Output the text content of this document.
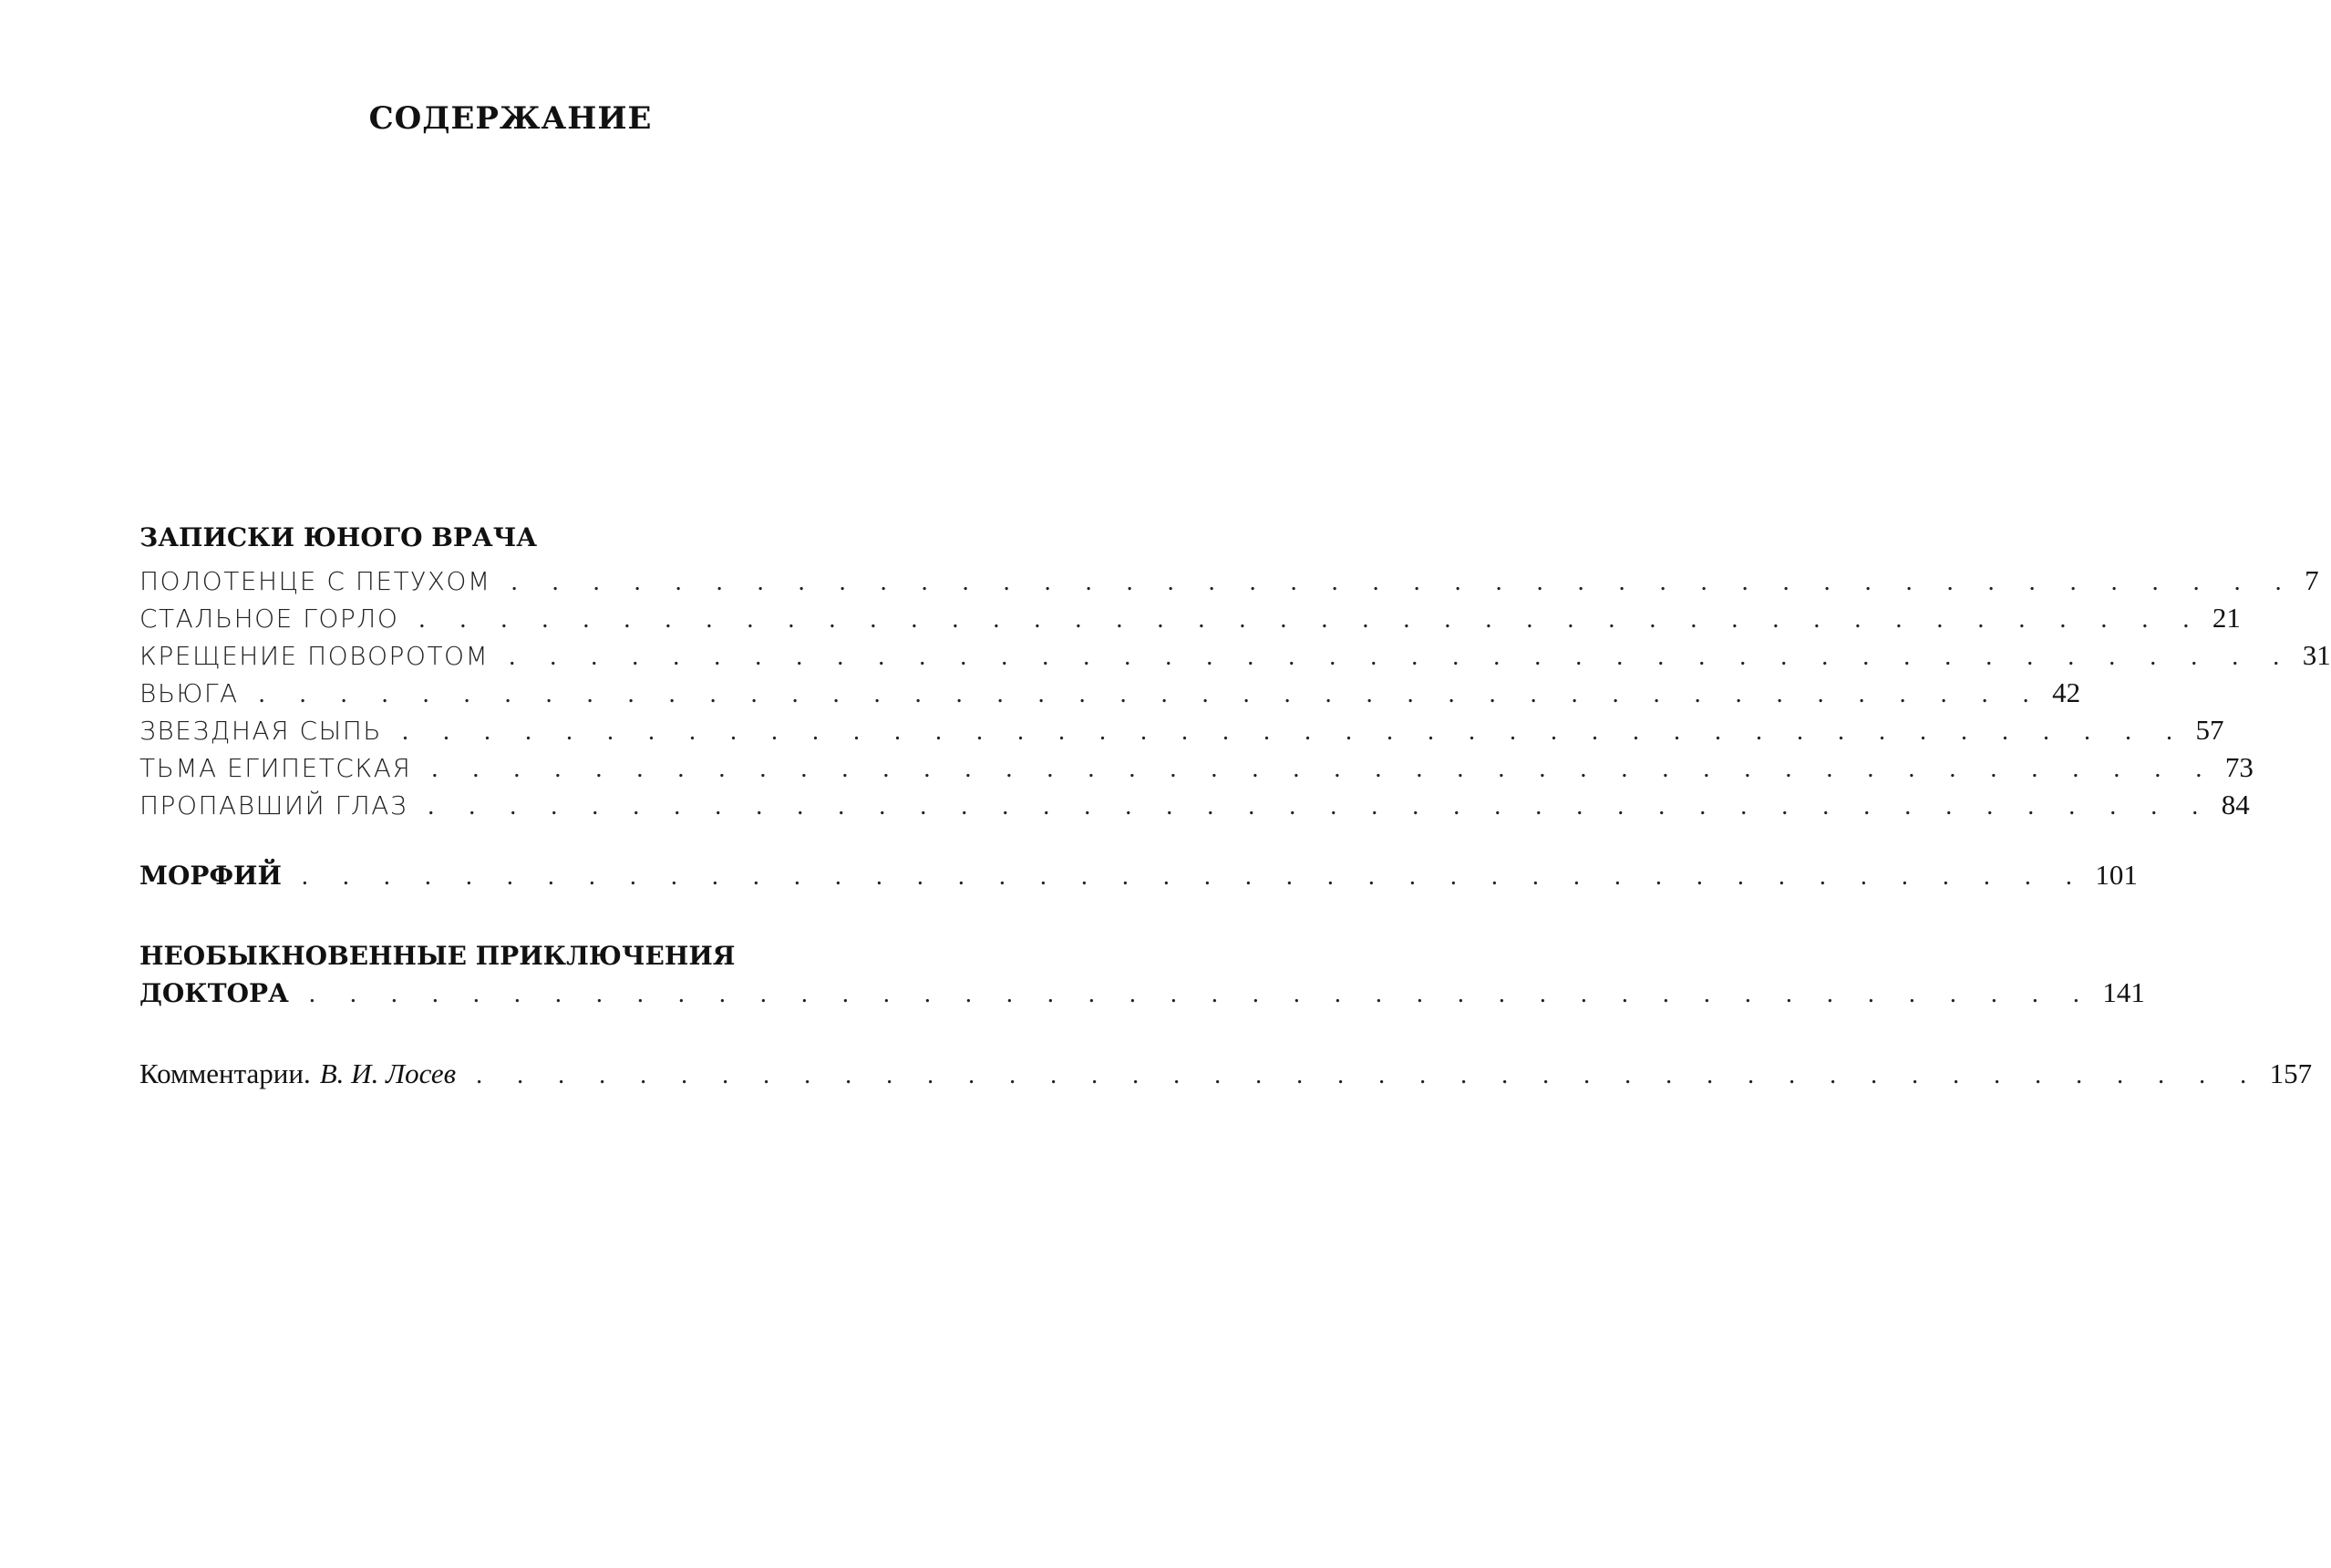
СОДЕРЖАНИЕ
ЗАПИСКИ ЮНОГО ВРАЧА
ПОЛОТЕНЦЕ С ПЕТУХОМ . . . . . . . . . . . . . . . . . . . . . . . . . . . . . . . . . . . . . . . . . . . . 7
СТАЛЬНОЕ ГОРЛО . . . . . . . . . . . . . . . . . . . . . . . . . . . . . . . . . . . . . . . . . . . . 21
КРЕЩЕНИЕ ПОВОРОТОМ . . . . . . . . . . . . . . . . . . . . . . . . . . . . . . . . . . . . . . . . . . . . 31
ВЬЮГА . . . . . . . . . . . . . . . . . . . . . . . . . . . . . . . . . . . . . . . . . . . . 42
ЗВЕЗДНАЯ СЫПЬ . . . . . . . . . . . . . . . . . . . . . . . . . . . . . . . . . . . . . . . . . . . . 57
ТЬМА ЕГИПЕТСКАЯ . . . . . . . . . . . . . . . . . . . . . . . . . . . . . . . . . . . . . . . . . . . . 73
ПРОПАВШИЙ ГЛАЗ . . . . . . . . . . . . . . . . . . . . . . . . . . . . . . . . . . . . . . . . . . . . 84
МОРФИЙ . . . . . . . . . . . . . . . . . . . . . . . . . . . . . . . . . . . . . . . . . . . . 101
НЕОБЫКНОВЕННЫЕ ПРИКЛЮЧЕНИЯ
ДОКТОРА . . . . . . . . . . . . . . . . . . . . . . . . . . . . . . . . . . . . . . . . . . . . 141
Комментарии. В. И. Лосев . . . . . . . . . . . . . . . . . . . . . . . . . . . . . . . . . . . . . . . . . . . . 157
